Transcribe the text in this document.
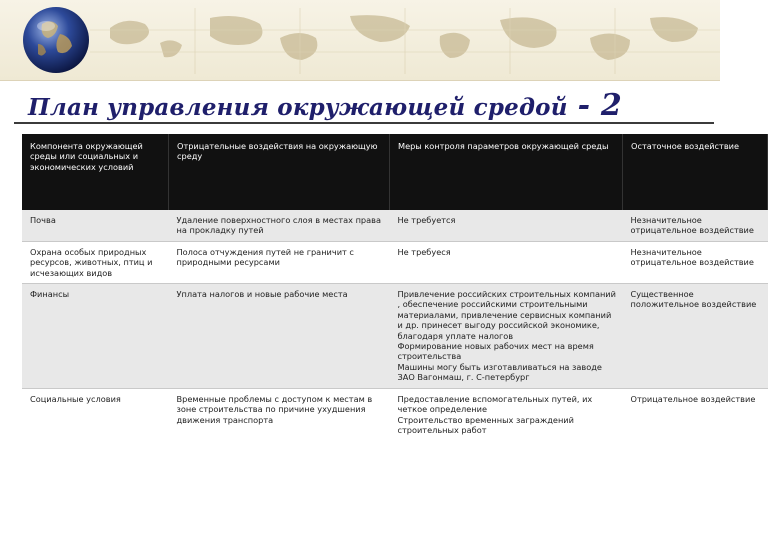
План управления окружающей средой - 2
Компонента окружающей среды или социальных и экономических условий	Отрицательные воздействия на окружающую среду	Меры контроля параметров окружающей среды	Остаточное воздействие
Почва	Удаление поверхностного слоя в местах права на прокладку путей	Не требуется	Незначительное отрицательное воздействие
Охрана особых природных ресурсов, животных, птиц и исчезающих видов	Полоса отчуждения путей не граничит с природными ресурсами	Не требуеся	Незначительное отрицательное воздействие
Финансы	Уплата налогов и новые рабочие места	Привлечение российских строительных компаний , обеспечение российскими строительными материалами, привлечение сервисных компаний и др. принесет выгоду российской экономике, благодаря уплате налогов
Формирование новых рабочих мест на время строительства
Машины могу быть изготавливаться на заводе ЗАО Вагонмаш, г. С-петербург	Существенное положительное воздействие
Социальные условия	Временные проблемы с доступом к местам в зоне строительства по причине ухудшения движения транспорта	Предоставление вспомогательных путей, их четкое определение
Строительство временных заграждений строительных работ	Отрицательное воздействие
